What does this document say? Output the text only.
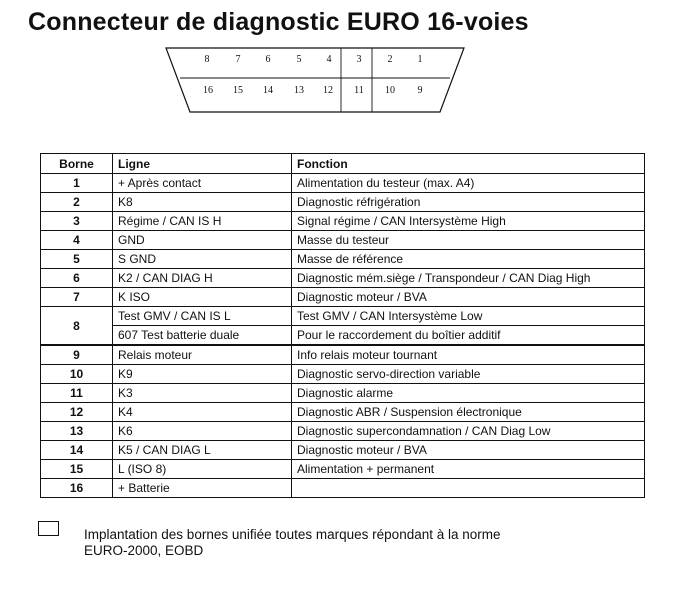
Connecteur de diagnostic EURO 16-voies
8	7	6	5	4	3	2	1
16 15 14 13 12 11 10 9
Borne	Ligne	Fonction
1	+ Après contact	Alimentation du testeur (max. A4)
2	K8	Diagnostic réfrigération
3	Régime / CAN IS H	Signal régime / CAN Intersystème High
4	GND	Masse du testeur
5	S GND	Masse de référence
6	K2 / CAN DIAG H	Diagnostic mém.siège / Transpondeur / CAN Diag High
7	K ISO	Diagnostic moteur / BVA
8	Test GMV / CAN IS L	Test GMV / CAN Intersystème Low
	607 Test batterie duale	Pour le raccordement du boîtier additif
9	Relais moteur	Info relais moteur tournant
10	K9	Diagnostic servo-direction variable
11	K3	Diagnostic alarme
12	K4	Diagnostic ABR / Suspension électronique
13	K6	Diagnostic supercondamnation / CAN Diag Low
14	K5 / CAN DIAG L	Diagnostic moteur / BVA
15	L (ISO 8)	Alimentation + permanent
16	+ Batterie	
Implantation des bornes unifiée toutes marques répondant à la norme
EURO-2000, EOBD
